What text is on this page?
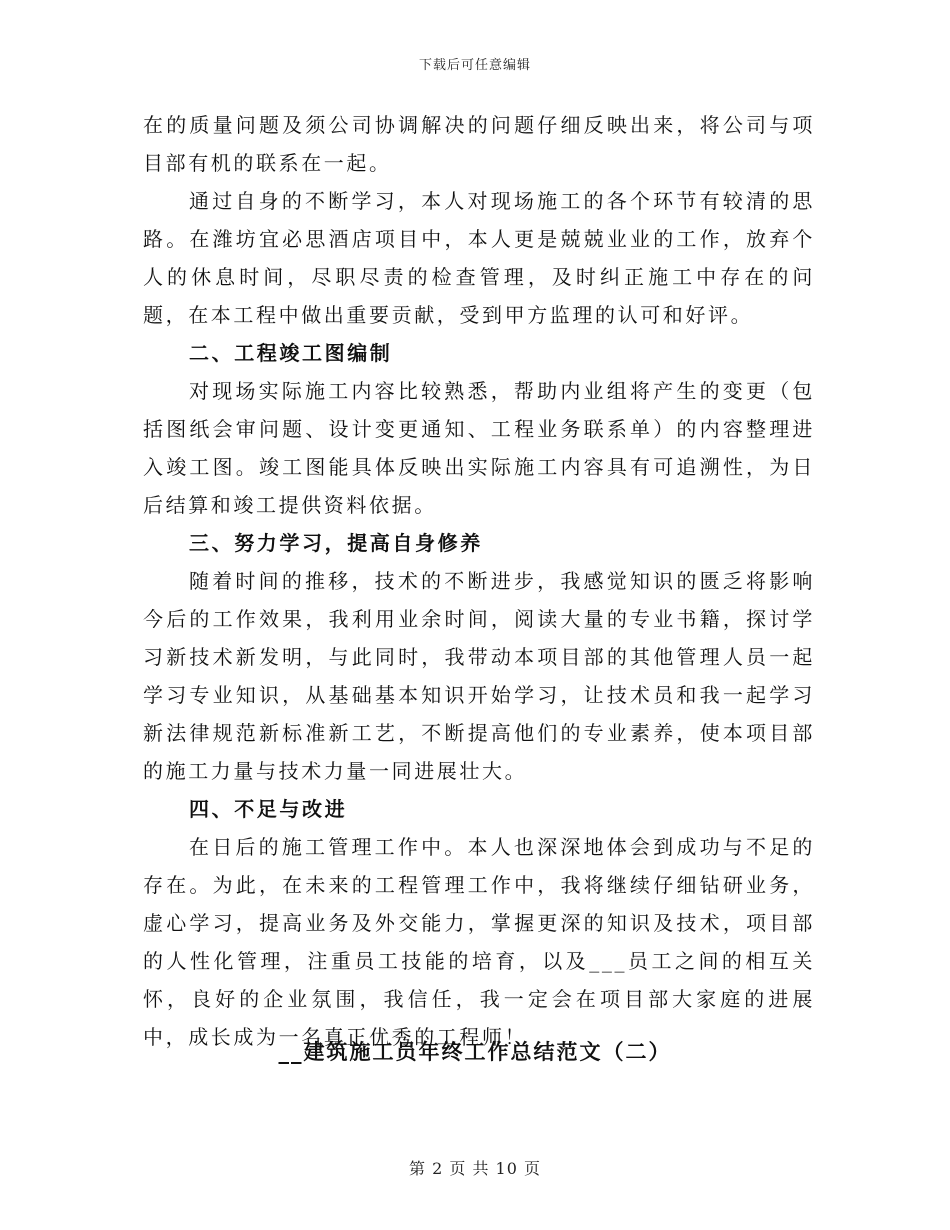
下载后可任意编辑

在的质量问题及须公司协调解决的问题仔细反映出来，将公司与项目部有机的联系在一起。

通过自身的不断学习，本人对现场施工的各个环节有较清的思路。在潍坊宜必思酒店项目中，本人更是兢兢业业的工作，放弃个人的休息时间，尽职尽责的检查管理，及时纠正施工中存在的问题，在本工程中做出重要贡献，受到甲方监理的认可和好评。

二、工程竣工图编制

对现场实际施工内容比较熟悉，帮助内业组将产生的变更（包括图纸会审问题、设计变更通知、工程业务联系单）的内容整理进入竣工图。竣工图能具体反映出实际施工内容具有可追溯性，为日后结算和竣工提供资料依据。

三、努力学习，提高自身修养

随着时间的推移，技术的不断进步，我感觉知识的匮乏将影响今后的工作效果，我利用业余时间，阅读大量的专业书籍，探讨学习新技术新发明，与此同时，我带动本项目部的其他管理人员一起学习专业知识，从基础基本知识开始学习，让技术员和我一起学习新法律规范新标准新工艺，不断提高他们的专业素养，使本项目部的施工力量与技术力量一同进展壮大。

四、不足与改进

在日后的施工管理工作中。本人也深深地体会到成功与不足的存在。为此，在未来的工程管理工作中，我将继续仔细钻研业务，虚心学习，提高业务及外交能力，掌握更深的知识及技术，项目部的人性化管理，注重员工技能的培育，以及___员工之间的相互关怀，良好的企业氛围，我信任，我一定会在项目部大家庭的进展中，成长成为一名真正优秀的工程师！

__建筑施工员年终工作总结范文（二）
第 2 页 共 10 页
